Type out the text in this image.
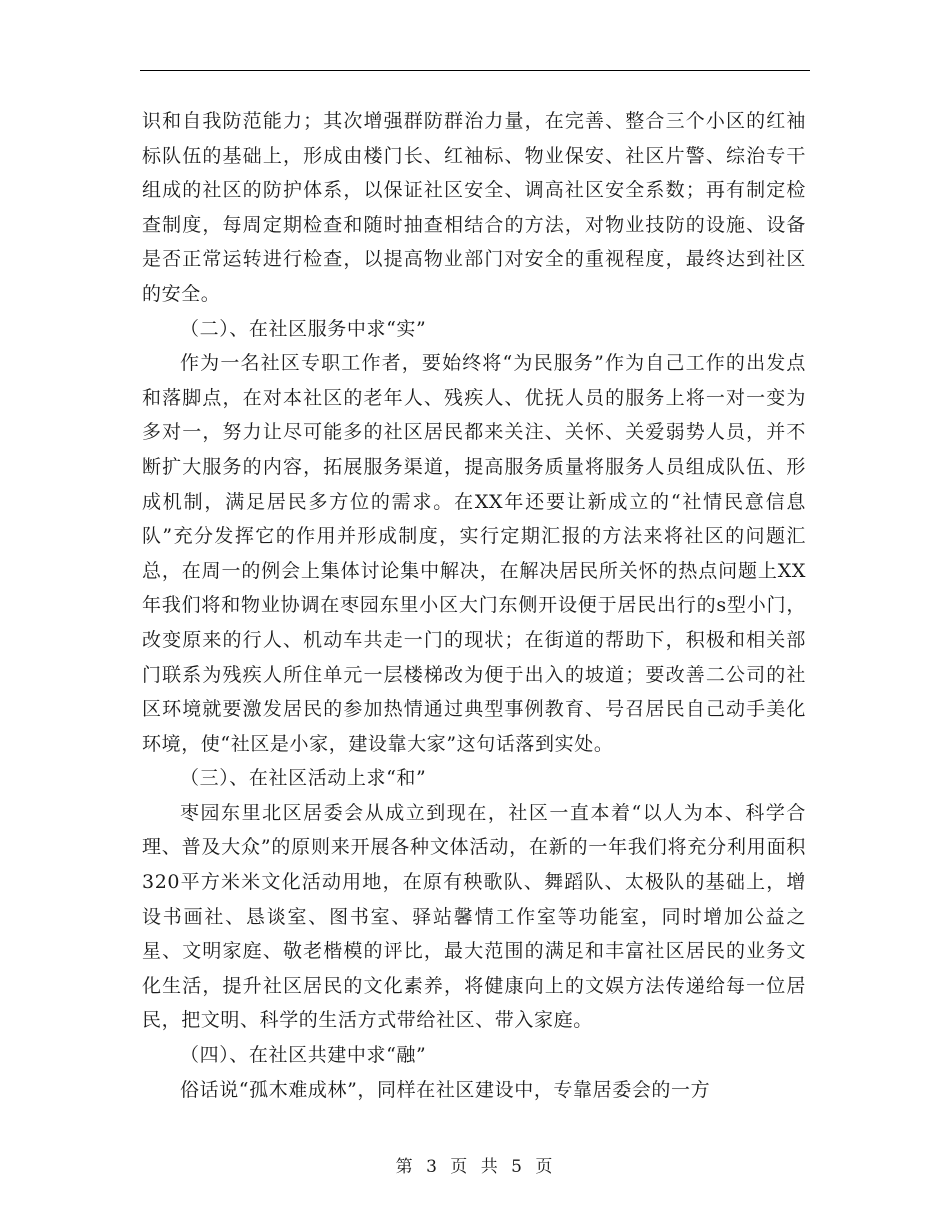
识和自我防范能力；其次增强群防群治力量，在完善、整合三个小区的红袖标队伍的基础上，形成由楼门长、红袖标、物业保安、社区片警、综治专干组成的社区的防护体系，以保证社区安全、调高社区安全系数；再有制定检查制度，每周定期检查和随时抽查相结合的方法，对物业技防的设施、设备是否正常运转进行检查，以提高物业部门对安全的重视程度，最终达到社区的安全。

（二）、在社区服务中求“实”

作为一名社区专职工作者，要始终将“为民服务”作为自己工作的出发点和落脚点，在对本社区的老年人、残疾人、优抚人员的服务上将一对一变为多对一，努力让尽可能多的社区居民都来关注、关怀、关爱弱势人员，并不断扩大服务的内容，拓展服务渠道，提高服务质量将服务人员组成队伍、形成机制，满足居民多方位的需求。在XX年还要让新成立的“社情民意信息队”充分发挥它的作用并形成制度，实行定期汇报的方法来将社区的问题汇总，在周一的例会上集体讨论集中解决，在解决居民所关怀的热点问题上XX年我们将和物业协调在枣园东里小区大门东侧开设便于居民出行的s型小门，改变原来的行人、机动车共走一门的现状；在街道的帮助下，积极和相关部门联系为残疾人所住单元一层楼梯改为便于出入的坡道；要改善二公司的社区环境就要激发居民的参加热情通过典型事例教育、号召居民自己动手美化环境，使“社区是小家，建设靠大家”这句话落到实处。

（三）、在社区活动上求“和”

枣园东里北区居委会从成立到现在，社区一直本着“以人为本、科学合理、普及大众”的原则来开展各种文体活动，在新的一年我们将充分利用面积320平方米米文化活动用地，在原有秧歌队、舞蹈队、太极队的基础上，增设书画社、恳谈室、图书室、驿站馨情工作室等功能室，同时增加公益之星、文明家庭、敬老楷模的评比，最大范围的满足和丰富社区居民的业务文化生活，提升社区居民的文化素养，将健康向上的文娱方法传递给每一位居民，把文明、科学的生活方式带给社区、带入家庭。

（四）、在社区共建中求“融”

俗话说“孤木难成林”，同样在社区建设中，专靠居委会的一方

第 3 页 共 5 页
